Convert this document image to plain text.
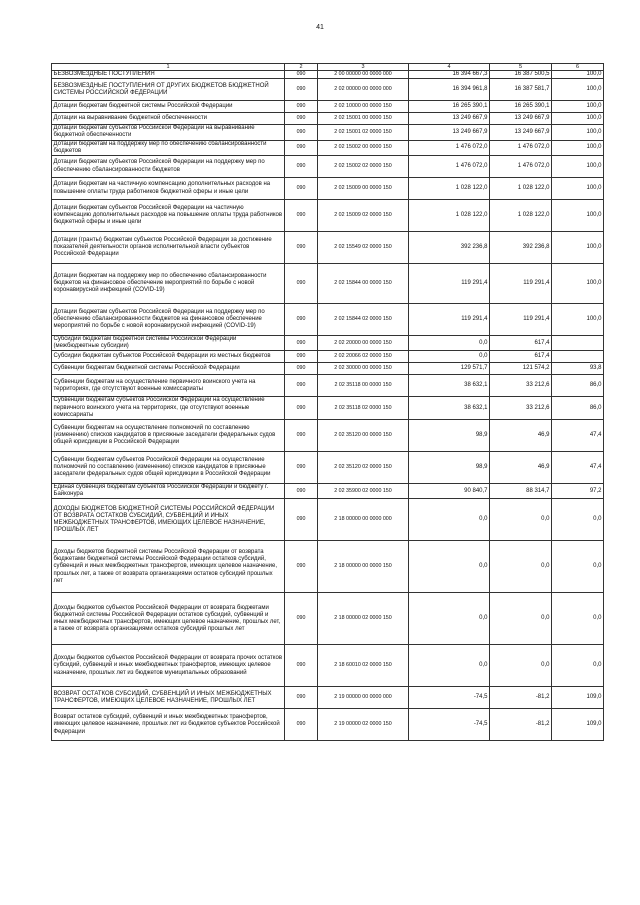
41
1	2	3	4	5	6
БЕЗВОЗМЕЗДНЫЕ ПОСТУПЛЕНИЯ	090	2 00 00000 00 0000 000	16 394 667,3	16 387 500,5	100,0
БЕЗВОЗМЕЗДНЫЕ ПОСТУПЛЕНИЯ ОТ ДРУГИХ БЮДЖЕТОВ БЮДЖЕТНОЙ СИСТЕМЫ РОССИЙСКОЙ ФЕДЕРАЦИИ	090	2 02 00000 00 0000 000	16 394 961,8	16 387 581,7	100,0
Дотации бюджетам бюджетной системы Российской Федерации	090	2 02 10000 00 0000 150	16 265 390,1	16 265 390,1	100,0
Дотации на выравнивание бюджетной обеспеченности	090	2 02 15001 00 0000 150	13 249 667,9	13 249 667,9	100,0
Дотации бюджетам субъектов Российской Федерации на выравнивание бюджетной обеспеченности	090	2 02 15001 02 0000 150	13 249 667,9	13 249 667,9	100,0
Дотации бюджетам на поддержку мер по обеспечению сбалансированности бюджетов	090	2 02 15002 00 0000 150	1 476 072,0	1 476 072,0	100,0
Дотации бюджетам субъектов Российской Федерации на поддержку мер по обеспечению сбалансированности бюджетов	090	2 02 15002 02 0000 150	1 476 072,0	1 476 072,0	100,0
Дотации бюджетам на частичную компенсацию дополнительных расходов на повышение оплаты труда работников бюджетной сферы и иные цели	090	2 02 15009 00 0000 150	1 028 122,0	1 028 122,0	100,0
Дотации бюджетам субъектов Российской Федерации на частичную компенсацию дополнительных расходов на повышение оплаты труда работников бюджетной сферы и иные цели	090	2 02 15009 02 0000 150	1 028 122,0	1 028 122,0	100,0
Дотации (гранты) бюджетам субъектов Российской Федерации за достижение показателей деятельности органов исполнительной власти субъектов Российской Федерации	090	2 02 15549 02 0000 150	392 236,8	392 236,8	100,0
Дотации бюджетам на поддержку мер по обеспечению сбалансированности бюджетов на финансовое обеспечение мероприятий по борьбе с новой коронавирусной инфекцией (COVID-19)	090	2 02 15844 00 0000 150	119 291,4	119 291,4	100,0
Дотации бюджетам субъектов Российской Федерации на поддержку мер по обеспечению сбалансированности бюджетов на финансовое обеспечение мероприятий по борьбе с новой коронавирусной инфекцией (COVID-19)	090	2 02 15844 02 0000 150	119 291,4	119 291,4	100,0
Субсидии бюджетам бюджетной системы Российской Федерации (межбюджетные субсидии)	090	2 02 20000 00 0000 150	0,0	617,4	
Субсидии бюджетам субъектов Российской Федерации из местных бюджетов	090	2 02 20066 02 0000 150	0,0	617,4	
Субвенции бюджетам бюджетной системы Российской Федерации	090	2 02 30000 00 0000 150	129 571,7	121 574,2	93,8
Субвенции бюджетам на осуществление первичного воинского учета на территориях, где отсутствуют военные комиссариаты	090	2 02 35118 00 0000 150	38 632,1	33 212,6	86,0
Субвенции бюджетам субъектов Российской Федерации на осуществление первичного воинского учета на территориях, где отсутствуют военные комиссариаты	090	2 02 35118 02 0000 150	38 632,1	33 212,6	86,0
Субвенции бюджетам на осуществление полномочий по составлению (изменению) списков кандидатов в присяжные заседатели федеральных судов общей юрисдикции в Российской Федерации	090	2 02 35120 00 0000 150	98,9	46,9	47,4
Субвенции бюджетам субъектов Российской Федерации на осуществление полномочий по составлению (изменению) списков кандидатов в присяжные заседатели федеральных судов общей юрисдикции в Российской Федерации	090	2 02 35120 02 0000 150	98,9	46,9	47,4
Единая субвенция бюджетам субъектов Российской Федерации и бюджету г. Байконура	090	2 02 35900 02 0000 150	90 840,7	88 314,7	97,2
ДОХОДЫ БЮДЖЕТОВ БЮДЖЕТНОЙ СИСТЕМЫ РОССИЙСКОЙ ФЕДЕРАЦИИ ОТ ВОЗВРАТА ОСТАТКОВ СУБСИДИЙ, СУБВЕНЦИЙ И ИНЫХ МЕЖБЮДЖЕТНЫХ ТРАНСФЕРТОВ, ИМЕЮЩИХ ЦЕЛЕВОЕ НАЗНАЧЕНИЕ, ПРОШЛЫХ ЛЕТ	090	2 18 00000 00 0000 000	0,0	0,0	0,0
Доходы бюджетов бюджетной системы Российской Федерации от возврата бюджетами бюджетной системы Российской Федерации остатков субсидий, субвенций и иных межбюджетных трансфертов, имеющих целевое назначение, прошлых лет, а также от возврата организациями остатков субсидий прошлых лет	090	2 18 00000 00 0000 150	0,0	0,0	0,0
Доходы бюджетов субъектов Российской Федерации от возврата бюджетами бюджетной системы Российской Федерации остатков субсидий, субвенций и иных межбюджетных трансфертов, имеющих целевое назначение, прошлых лет, а также от возврата организациями остатков субсидий прошлых лет	090	2 18 00000 02 0000 150	0,0	0,0	0,0
Доходы бюджетов субъектов Российской Федерации от возврата прочих остатков субсидий, субвенций и иных межбюджетных трансфертов, имеющих целевое назначение, прошлых лет из бюджетов муниципальных образований	090	2 18 60010 02 0000 150	0,0	0,0	0,0
ВОЗВРАТ ОСТАТКОВ СУБСИДИЙ, СУБВЕНЦИЙ И ИНЫХ МЕЖБЮДЖЕТНЫХ ТРАНСФЕРТОВ, ИМЕЮЩИХ ЦЕЛЕВОЕ НАЗНАЧЕНИЕ, ПРОШЛЫХ ЛЕТ	090	2 19 00000 00 0000 000	-74,5	-81,2	109,0
Возврат остатков субсидий, субвенций и иных межбюджетных трансфертов, имеющих целевое назначение, прошлых лет из бюджетов субъектов Российской Федерации	090	2 19 00000 02 0000 150	-74,5	-81,2	109,0
